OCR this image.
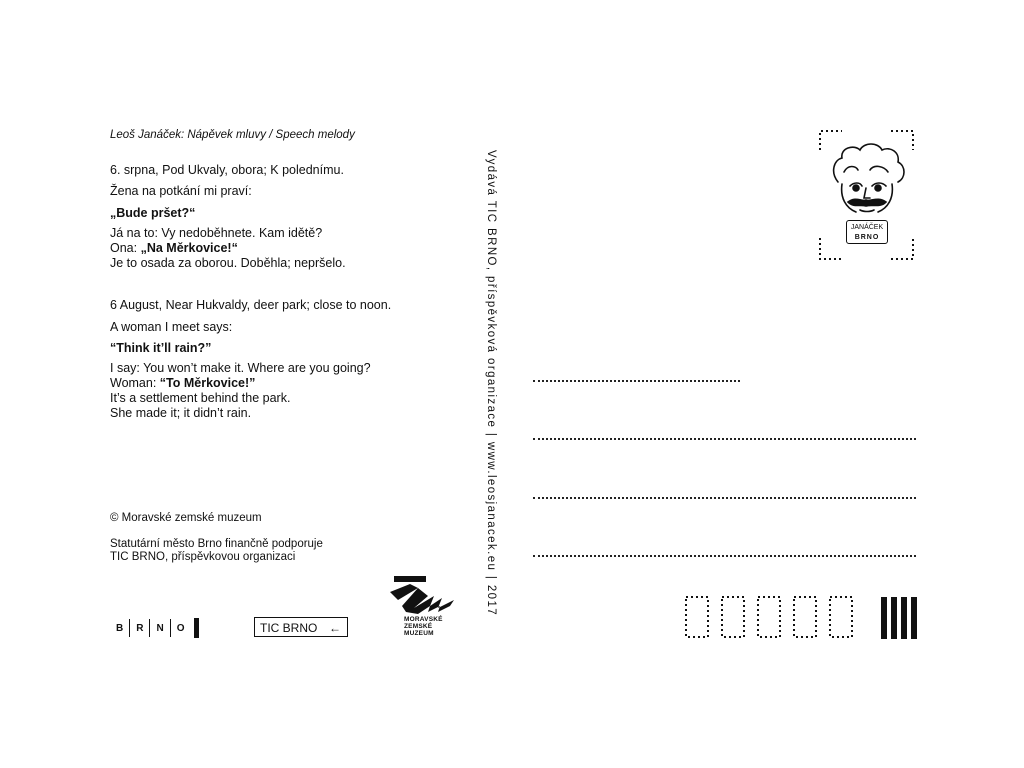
Leoš Janáček: Nápěvek mluvy / Speech melody
6. srpna, Pod Ukvaly, obora; K polednímu.
Žena na potkání mi praví:
„Bude pršet?“
Já na to: Vy nedoběhnete. Kam idětě?
Ona: „Na Měrkovice!“
Je to osada za oborou. Doběhla; nepršelo.
6 August, Near Hukvaldy, deer park; close to noon.
A woman I meet says:
“Think it’ll rain?”
I say: You won’t make it. Where are you going?
Woman: “To Měrkovice!”
It’s a settlement behind the park.
She made it; it didn’t rain.
© Moravské zemské muzeum
Statutární město Brno finančně podporuje
TIC BRNO, příspěvkovou organizaci	Vydává TIC BRNO, příspěvková organizace | www.leosjanacek.eu | 2017
B	R	N	O	TIC BRNO ←
MORAVSKÉ
ZEMSKÉ
MUZEUM
JANÁČEK
BRNO
